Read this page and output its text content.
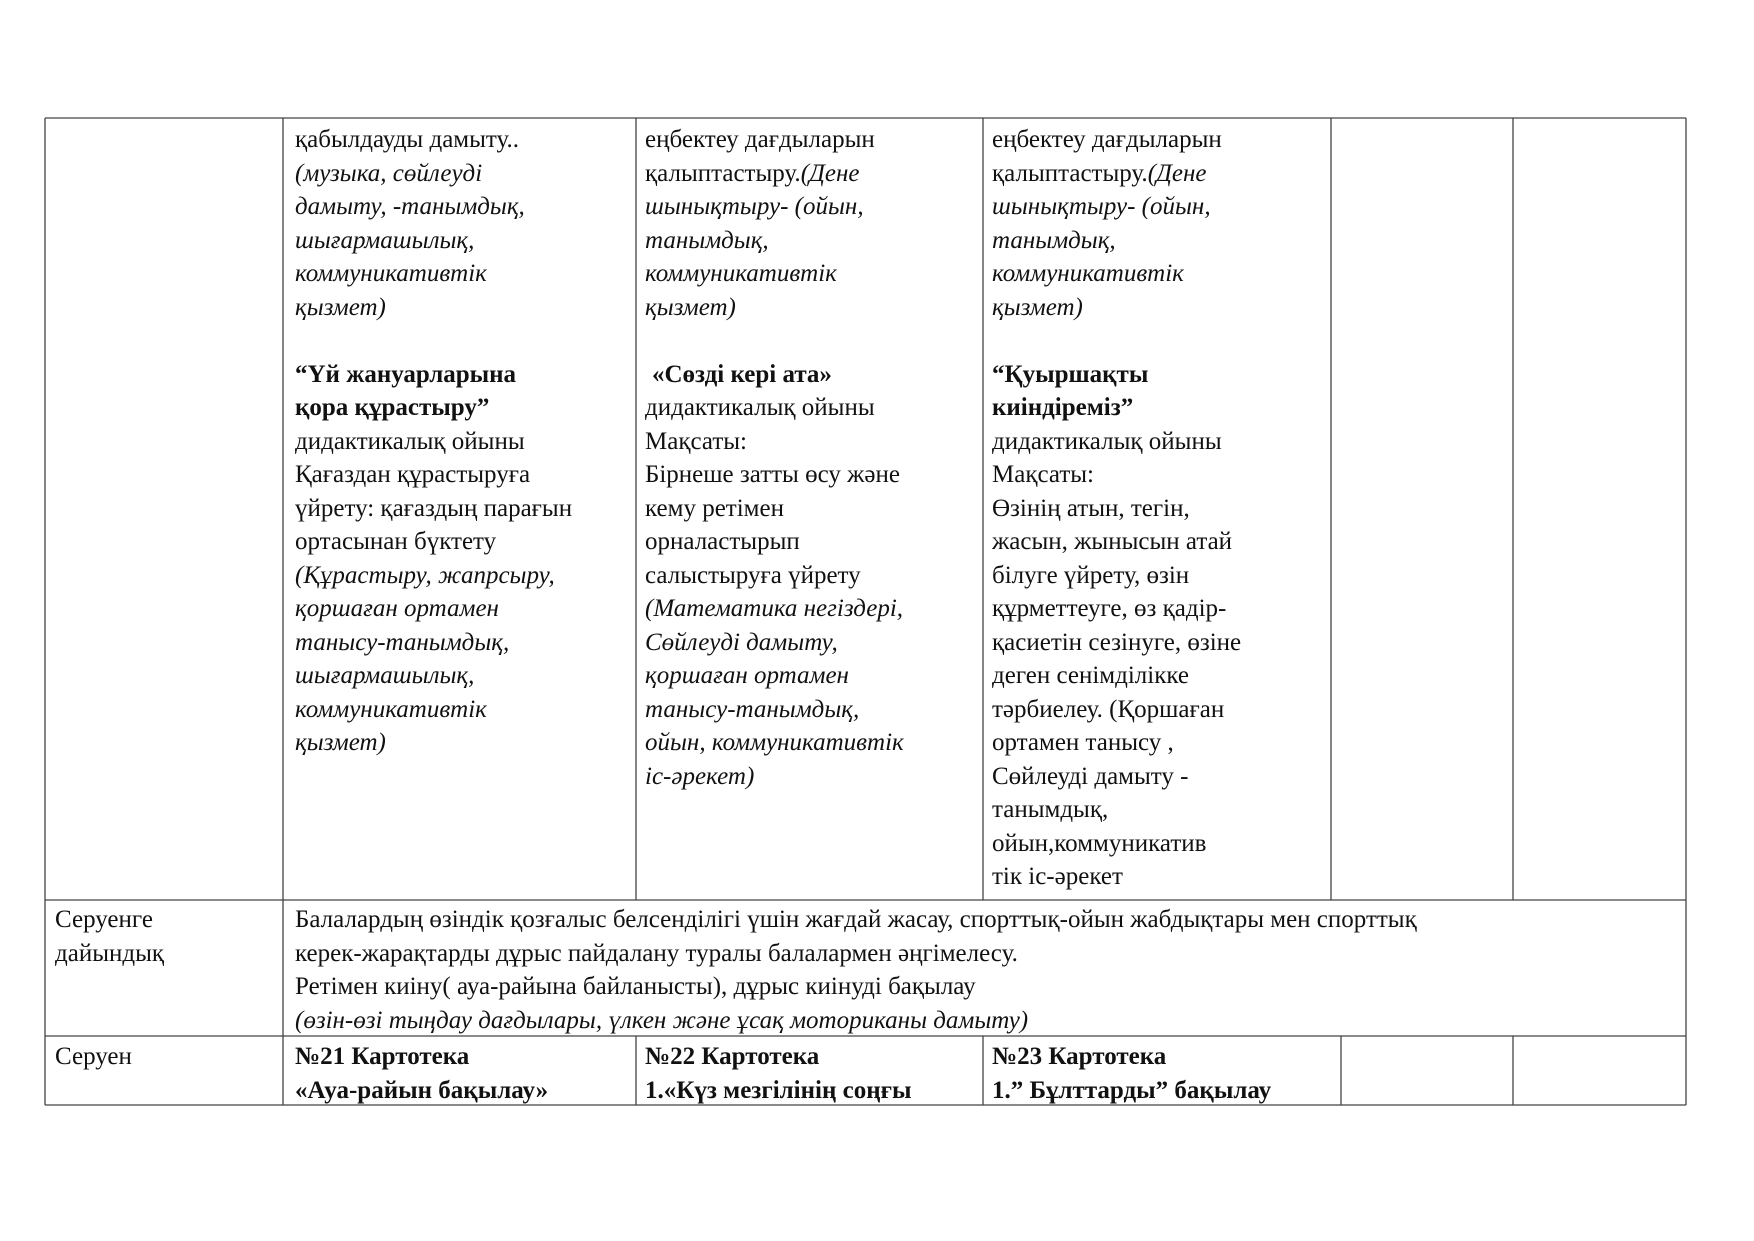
қабылдауды дамыту..

(музыка, сөйлеуді

дамыту, -танымдық,

шығармашылық,

коммуникативтік

қызмет)

“Үй жануарларына

қора құрастыру”

дидактикалық ойыны

Қағаздан құрастыруға

үйрету: қағаздың парағын

ортасынан бүктету

(Құрастыру, жапрсыру,

қоршаған ортамен

танысу-танымдық,

шығармашылық,

коммуникативтік

қызмет)

еңбектеу дағдыларын

қалыптастыру.(Дене

шынықтыру- (ойын,

танымдық,

коммуникативтік

қызмет)

«Сөзді кері ата»

дидактикалық ойыны

Мақсаты:

Бірнеше затты өсу және

кему ретімен

орналастырып

салыстыруға үйрету

(Математика негіздері,

Сөйлеуді дамыту,

қоршаған ортамен

танысу-танымдық,

ойын, коммуникативтік

іс-әрекет)

еңбектеу дағдыларын

қалыптастыру.(Дене

шынықтыру- (ойын,

танымдық,

коммуникативтік

қызмет)

“Қуыршақты

киіндіреміз”

дидактикалық ойыны

Мақсаты:

Өзінің атын, тегін,

жасын, жынысын атай

білуге үйрету, өзін

құрметтеуге, өз қадір-

қасиетін сезінуге, өзіне

деген сенімділікке

тәрбиелеу. (Қоршаған

ортамен танысу ,

Сөйлеуді дамыту -

танымдық,

ойын,коммуникатив

тік іс-әрекет

Серуенге

дайындық

Балалардың өзіндік қозғалыс белсенділігі үшін жағдай жасау, спорттық-ойын жабдықтары мен спорттық

керек-жарақтарды дұрыс пайдалану туралы балалармен әңгімелесу.

Ретімен киіну( ауа-райына байланысты), дұрыс киінуді бақылау

(өзін-өзі тыңдау дағдылары, үлкен және ұсақ моториканы дамыту)

Серуен	№21 Картотека

«Ауа-райын бақылау»

№22 Картотека

1.«Күз мезгілінің соңғы

№23 Картотека

1.” Бұлттарды” бақылау
